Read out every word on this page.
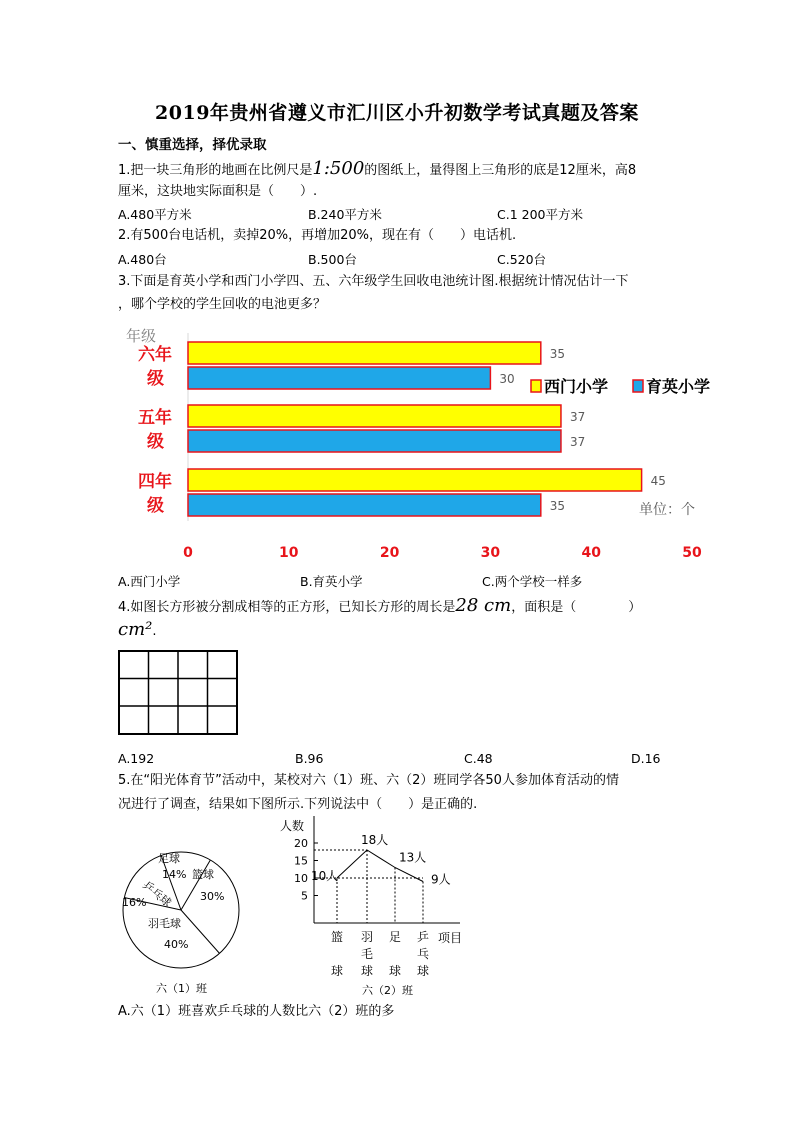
2019年贵州省遵义市汇川区小升初数学考试真题及答案
一、慎重选择，择优录取
1.把一块三角形的地画在比例尺是1:500的图纸上，量得图上三角形的底是12厘米，高8
厘米，这块地实际面积是（　　）.
A.480平方米	B.240平方米	C.1 200平方米
2.有500台电话机，卖掉20%，再增加20%，现在有（　　）电话机.
A.480台	B.500台	C.520台
3.下面是育英小学和西门小学四、五、六年级学生回收电池统计图.根据统计情况估计一下
，哪个学校的学生回收的电池更多？
年级
35
30
37
37
45
35
六年
级
五年
级
四年
级
0	10	20	30	40	50
西门小学 育英小学
单位：个
A.西门小学	B.育英小学	C.两个学校一样多
4.如图长方形被分割成相等的正方形，已知长方形的周长是28 cm，面积是（　　　　）
cm².
A.192	B.96	C.48	D.16
5.在“阳光体育节”活动中，某校对六（1）班、六（2）班同学各50人参加体育活动的情
况进行了调查，结果如下图所示.下列说法中（　　）是正确的.
足球
14% 篮球
30%
乒乓球
16%
羽毛球
40%
六（1）班
人数
5
10
15
20
10人
18人
13人
9人
篮
球
羽
毛
球
足
球
乒
乓
球
项目
六（2）班
A.六（1）班喜欢乒乓球的人数比六（2）班的多
